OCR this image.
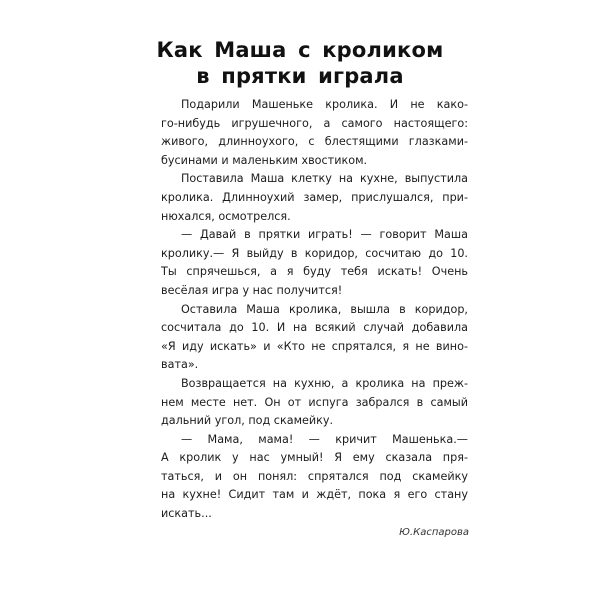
Как Маша с кроликом
в прятки играла

Подарили Машеньке кролика. И не како-
го-нибудь игрушечного, а самого настоящего:
живого, длинноухого, с блестящими глазками-
бусинами и маленьким хвостиком.

Поставила Маша клетку на кухне, выпустила
кролика. Длинноухий замер, прислушался, при-
нюхался, осмотрелся.

— Давай в прятки играть! — говорит Маша
кролику.— Я выйду в коридор, сосчитаю до 10.
Ты спрячешься, а я буду тебя искать! Очень
весёлая игра у нас получится!

Оставила Маша кролика, вышла в коридор,
сосчитала до 10. И на всякий случай добавила
«Я иду искать» и «Кто не спрятался, я не вино-
вата».

Возвращается на кухню, а кролика на преж-
нем месте нет. Он от испуга забрался в самый
дальний угол, под скамейку.

— Мама, мама! — кричит Машенька.—
А кролик у нас умный! Я ему сказала пря-
таться, и он понял: спрятался под скамейку
на кухне! Сидит там и ждёт, пока я его стану
искать...

Ю.Каспарова
